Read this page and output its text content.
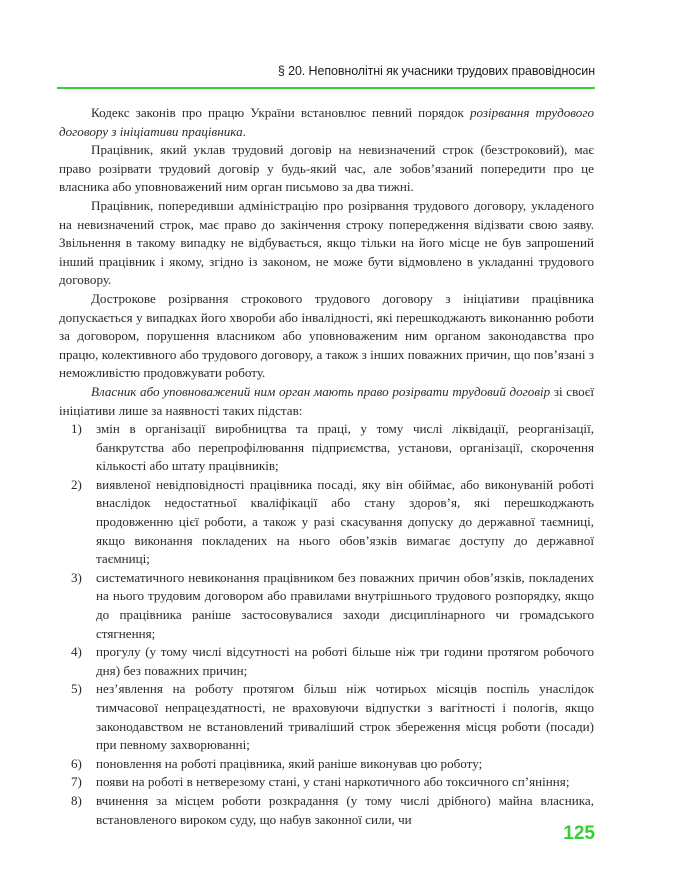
§ 20. Неповнолітні як учасники трудових правовідносин

Кодекс законів про працю України встановлює певний порядок розірвання трудового договору з ініціативи працівника.

Працівник, який уклав трудовий договір на невизначений строк (безстроковий), має право розірвати трудовий договір у будь-який час, але зобов’язаний попередити про це власника або уповноважений ним орган письмово за два тижні.

Працівник, попередивши адміністрацію про розірвання трудового договору, укладеного на невизначений строк, має право до закінчення строку попередження відізвати свою заяву. Звільнення в такому випадку не відбувається, якщо тільки на його місце не був запрошений інший працівник і якому, згідно із законом, не може бути відмовлено в укладанні трудового договору.

Дострокове розірвання строкового трудового договору з ініціативи працівника допускається у випадках його хвороби або інвалідності, які перешкоджають виконанню роботи за договором, порушення власником або уповноваженим ним органом законодавства про працю, колективного або трудового договору, а також з інших поважних причин, що пов’язані з неможливістю продовжувати роботу.

Власник або уповноважений ним орган мають право розірвати трудовий договір зі своєї ініціативи лише за наявності таких підстав:

1) змін в організації виробництва та праці, у тому числі ліквідації, реорганізації, банкрутства або перепрофілювання підприємства, установи, організації, скорочення кількості або штату працівників;
2) виявленої невідповідності працівника посаді, яку він обіймає, або виконуваній роботі внаслідок недостатньої кваліфікації або стану здоров’я, які перешкоджають продовженню цієї роботи, а також у разі скасування допуску до державної таємниці, якщо виконання покладених на нього обов’язків вимагає доступу до державної таємниці;
3) систематичного невиконання працівником без поважних причин обов’язків, покладених на нього трудовим договором або правилами внутрішнього трудового розпорядку, якщо до працівника раніше застосовувалися заходи дисциплінарного чи громадського стягнення;
4) прогулу (у тому числі відсутності на роботі більше ніж три години протягом робочого дня) без поважних причин;
5) нез’явлення на роботу протягом більш ніж чотирьох місяців поспіль унаслідок тимчасової непрацездатності, не враховуючи відпустки з вагітності і пологів, якщо законодавством не встановлений триваліший строк збереження місця роботи (посади) при певному захворюванні;
6) поновлення на роботі працівника, який раніше виконував цю роботу;
7) появи на роботі в нетверезому стані, у стані наркотичного або токсичного сп’яніння;
8) вчинення за місцем роботи розкрадання (у тому числі дрібного) майна власника, встановленого вироком суду, що набув законної сили, чи
125
